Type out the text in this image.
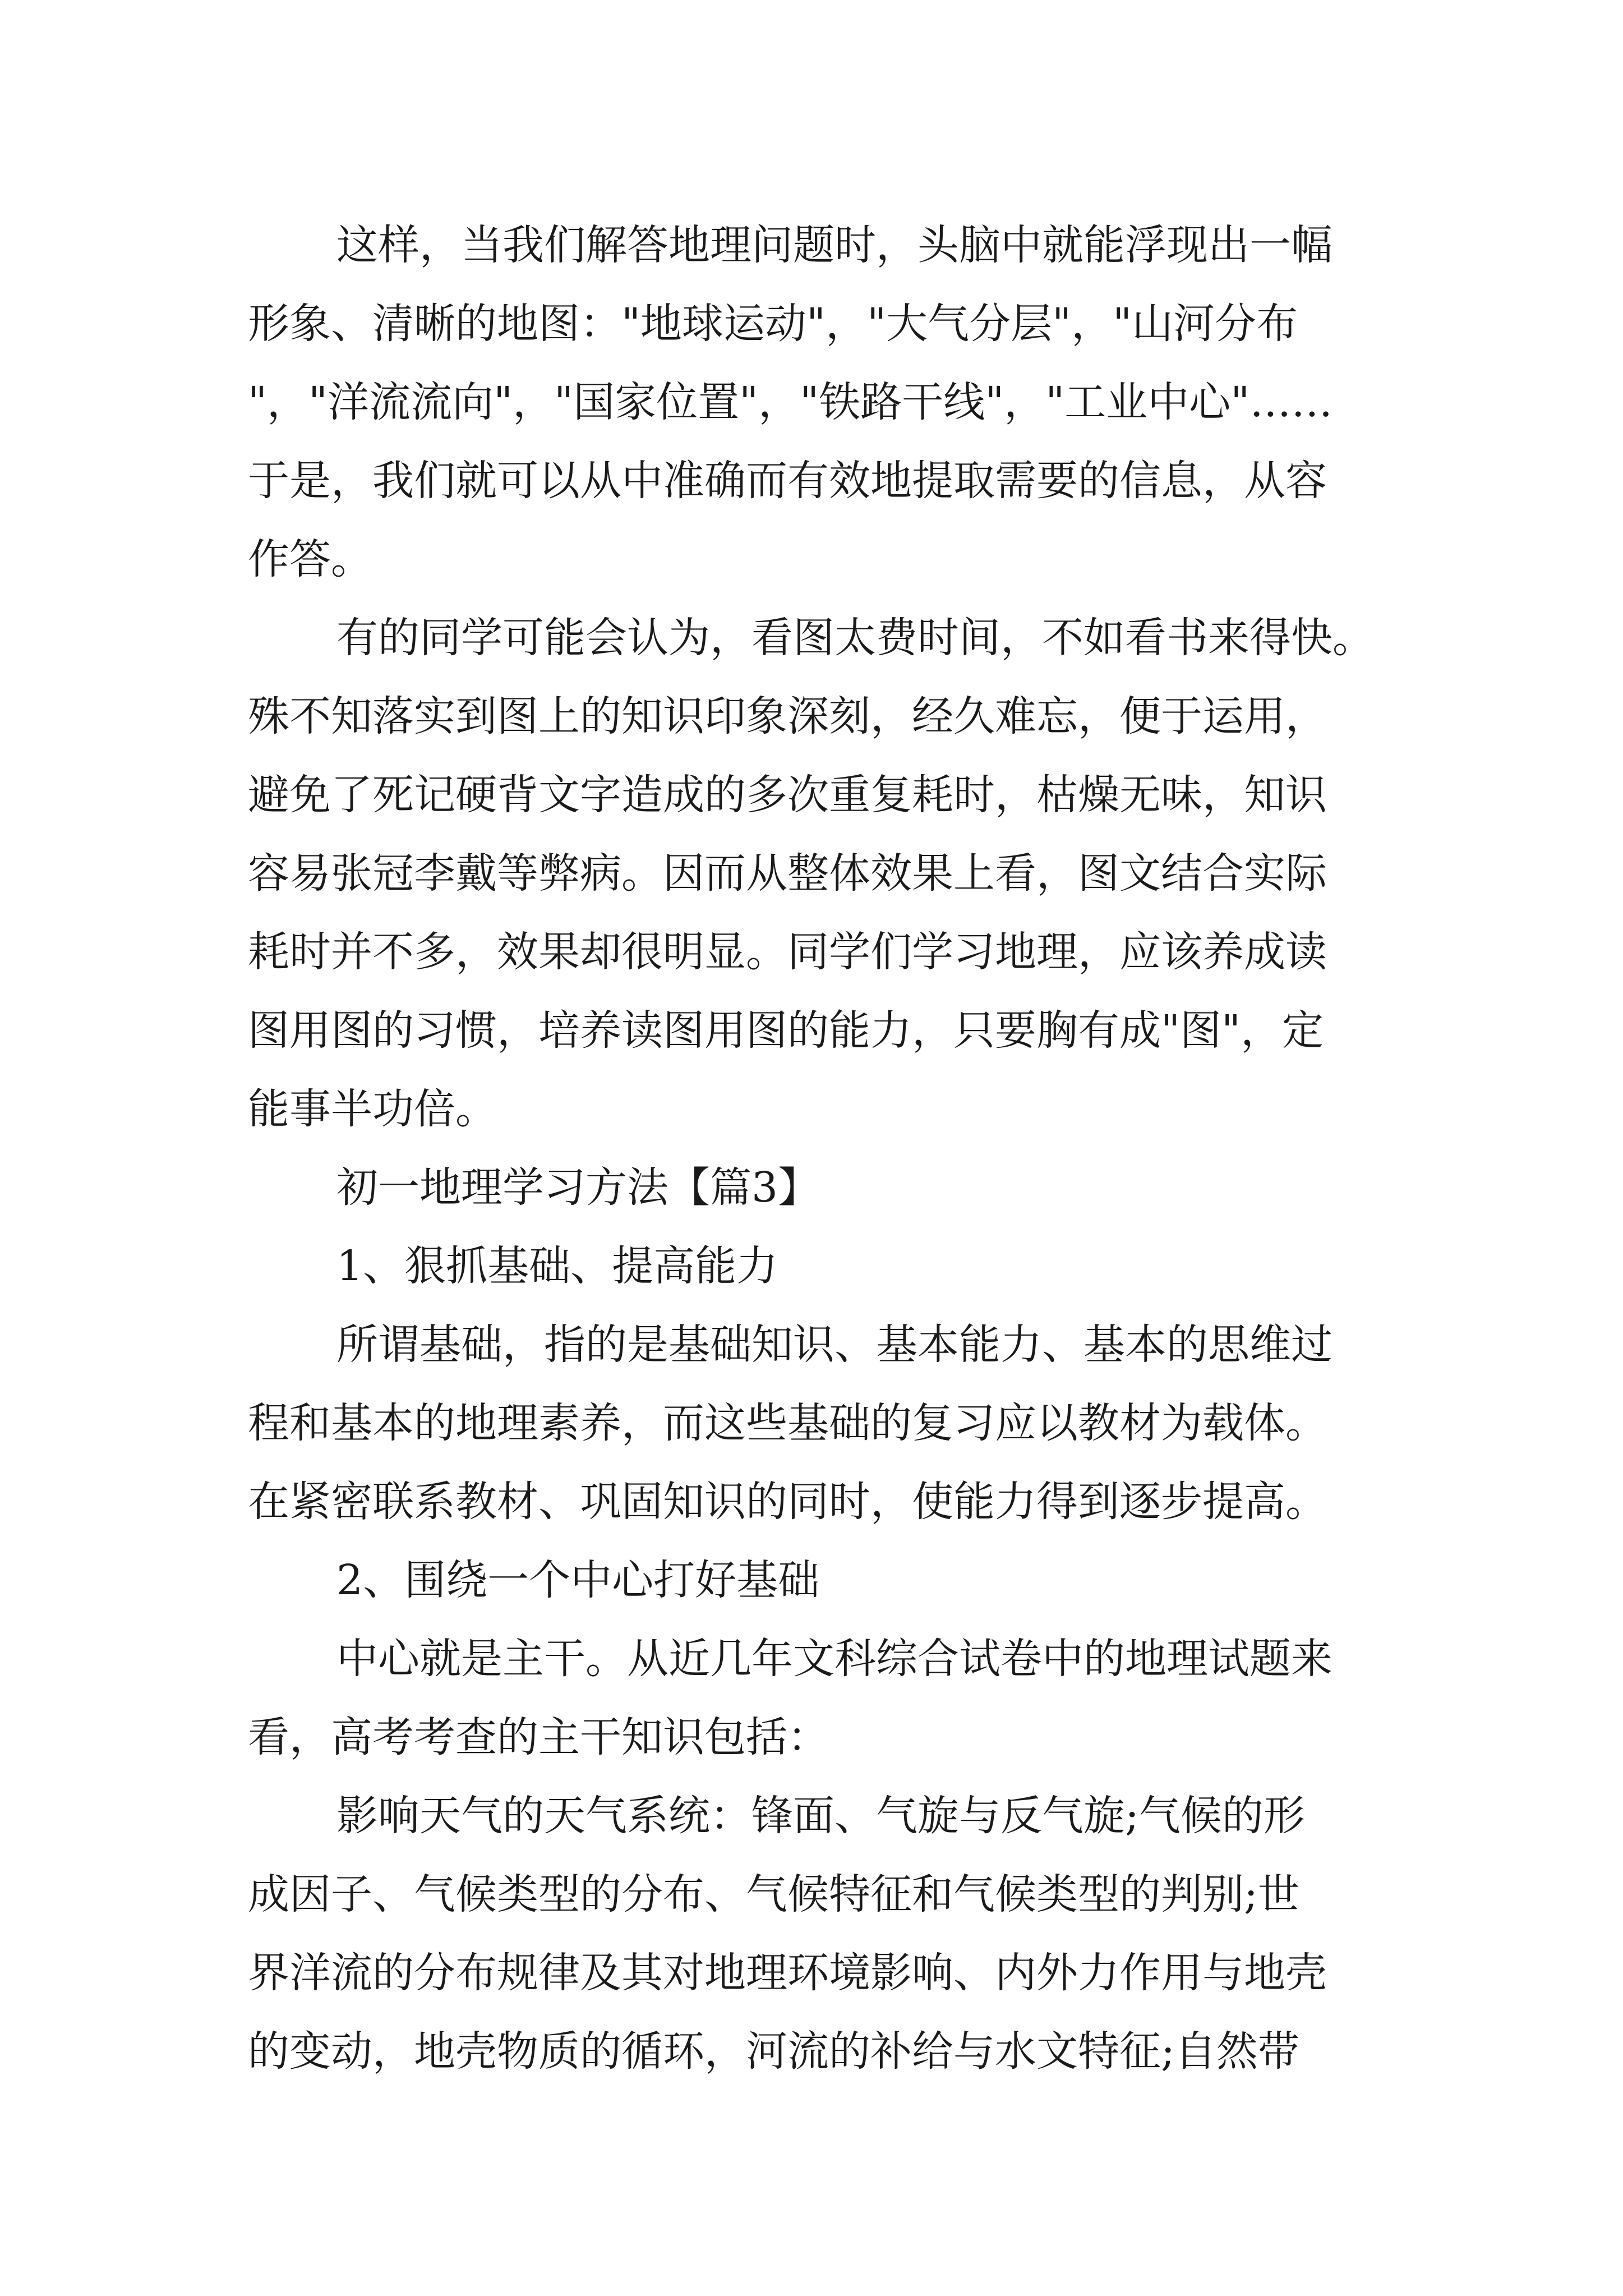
这样，当我们解答地理问题时，头脑中就能浮现出一幅

形象、清晰的地图："地球运动"，"大气分层"，"山河分布

"，"洋流流向"，"国家位置"，"铁路干线"，"工业中心"……

于是，我们就可以从中准确而有效地提取需要的信息，从容

作答。

有的同学可能会认为，看图太费时间，不如看书来得快。

殊不知落实到图上的知识印象深刻，经久难忘，便于运用，

避免了死记硬背文字造成的多次重复耗时，枯燥无味，知识

容易张冠李戴等弊病。因而从整体效果上看，图文结合实际

耗时并不多，效果却很明显。同学们学习地理，应该养成读

图用图的习惯，培养读图用图的能力，只要胸有成"图"，定

能事半功倍。

初一地理学习方法【篇3】

1、狠抓基础、提高能力

所谓基础，指的是基础知识、基本能力、基本的思维过

程和基本的地理素养，而这些基础的复习应以教材为载体。

在紧密联系教材、巩固知识的同时，使能力得到逐步提高。

2、围绕一个中心打好基础

中心就是主干。从近几年文科综合试卷中的地理试题来

看，高考考查的主干知识包括：

影响天气的天气系统：锋面、气旋与反气旋;气候的形

成因子、气候类型的分布、气候特征和气候类型的判别;世

界洋流的分布规律及其对地理环境影响、内外力作用与地壳

的变动，地壳物质的循环，河流的补给与水文特征;自然带
